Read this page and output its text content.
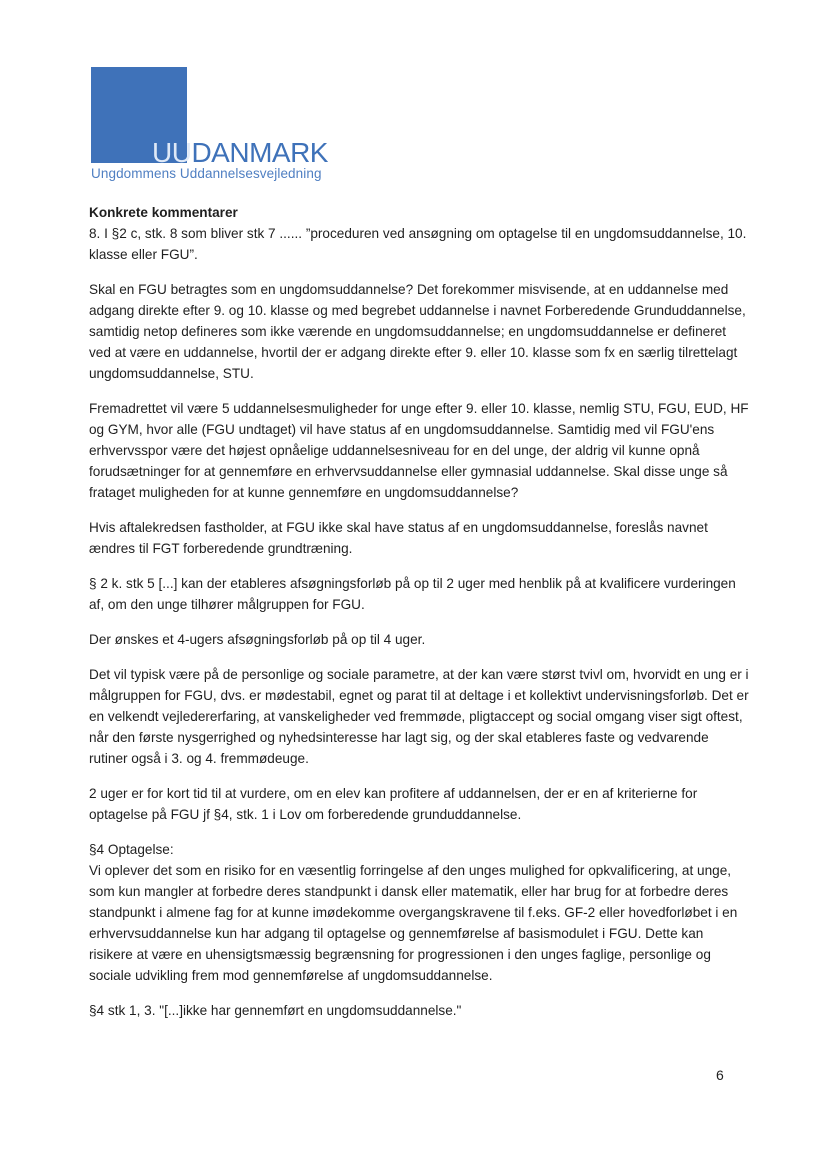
UUDANMARK
Ungdommens Uddannelsesvejledning
Konkrete kommentarer

8. I §2 c, stk. 8 som bliver stk 7 ...... ”proceduren ved ansøgning om optagelse til en ungdomsuddannelse, 10. klasse eller FGU”.

Skal en FGU betragtes som en ungdomsuddannelse? Det forekommer misvisende, at en uddannelse med adgang direkte efter 9. og 10. klasse og med begrebet uddannelse i navnet Forberedende Grunduddannelse, samtidig netop defineres som ikke værende en ungdomsuddannelse; en ungdomsuddannelse er defineret ved at være en uddannelse, hvortil der er adgang direkte efter 9. eller 10. klasse som fx en særlig tilrettelagt ungdomsuddannelse, STU.

Fremadrettet vil være 5 uddannelsesmuligheder for unge efter 9. eller 10. klasse, nemlig STU, FGU, EUD, HF og GYM, hvor alle (FGU undtaget) vil have status af en ungdomsuddannelse. Samtidig med vil FGU'ens erhvervsspor være det højest opnåelige uddannelsesniveau for en del unge, der aldrig vil kunne opnå forudsætninger for at gennemføre en erhvervsuddannelse eller gymnasial uddannelse. Skal disse unge så frataget muligheden for at kunne gennemføre en ungdomsuddannelse?

Hvis aftalekredsen fastholder, at FGU ikke skal have status af en ungdomsuddannelse, foreslås navnet ændres til FGT forberedende grundtræning.

§ 2 k. stk 5 [...] kan der etableres afsøgningsforløb på op til 2 uger med henblik på at kvalificere vurderingen af, om den unge tilhører målgruppen for FGU.

Der ønskes et 4-ugers afsøgningsforløb på op til 4 uger.

Det vil typisk være på de personlige og sociale parametre, at der kan være størst tvivl om, hvorvidt en ung er i målgruppen for FGU, dvs. er mødestabil, egnet og parat til at deltage i et kollektivt undervisningsforløb. Det er en velkendt vejledererfaring, at vanskeligheder ved fremmøde, pligtaccept og social omgang viser sigt oftest, når den første nysgerrighed og nyhedsinteresse har lagt sig, og der skal etableres faste og vedvarende rutiner også i 3. og 4. fremmødeuge.

2 uger er for kort tid til at vurdere, om en elev kan profitere af uddannelsen, der er en af kriterierne for optagelse på FGU jf §4, stk. 1 i Lov om forberedende grunduddannelse.

§4 Optagelse:

Vi oplever det som en risiko for en væsentlig forringelse af den unges mulighed for opkvalificering, at unge, som kun mangler at forbedre deres standpunkt i dansk eller matematik, eller har brug for at forbedre deres standpunkt i almene fag for at kunne imødekomme overgangskravene til f.eks. GF-2 eller hovedforløbet i en erhvervsuddannelse kun har adgang til optagelse og gennemførelse af basismodulet i FGU. Dette kan risikere at være en uhensigtsmæssig begrænsning for progressionen i den unges faglige, personlige og sociale udvikling frem mod gennemførelse af ungdomsuddannelse.

§4 stk 1, 3. "[...]ikke har gennemført en ungdomsuddannelse."

6
